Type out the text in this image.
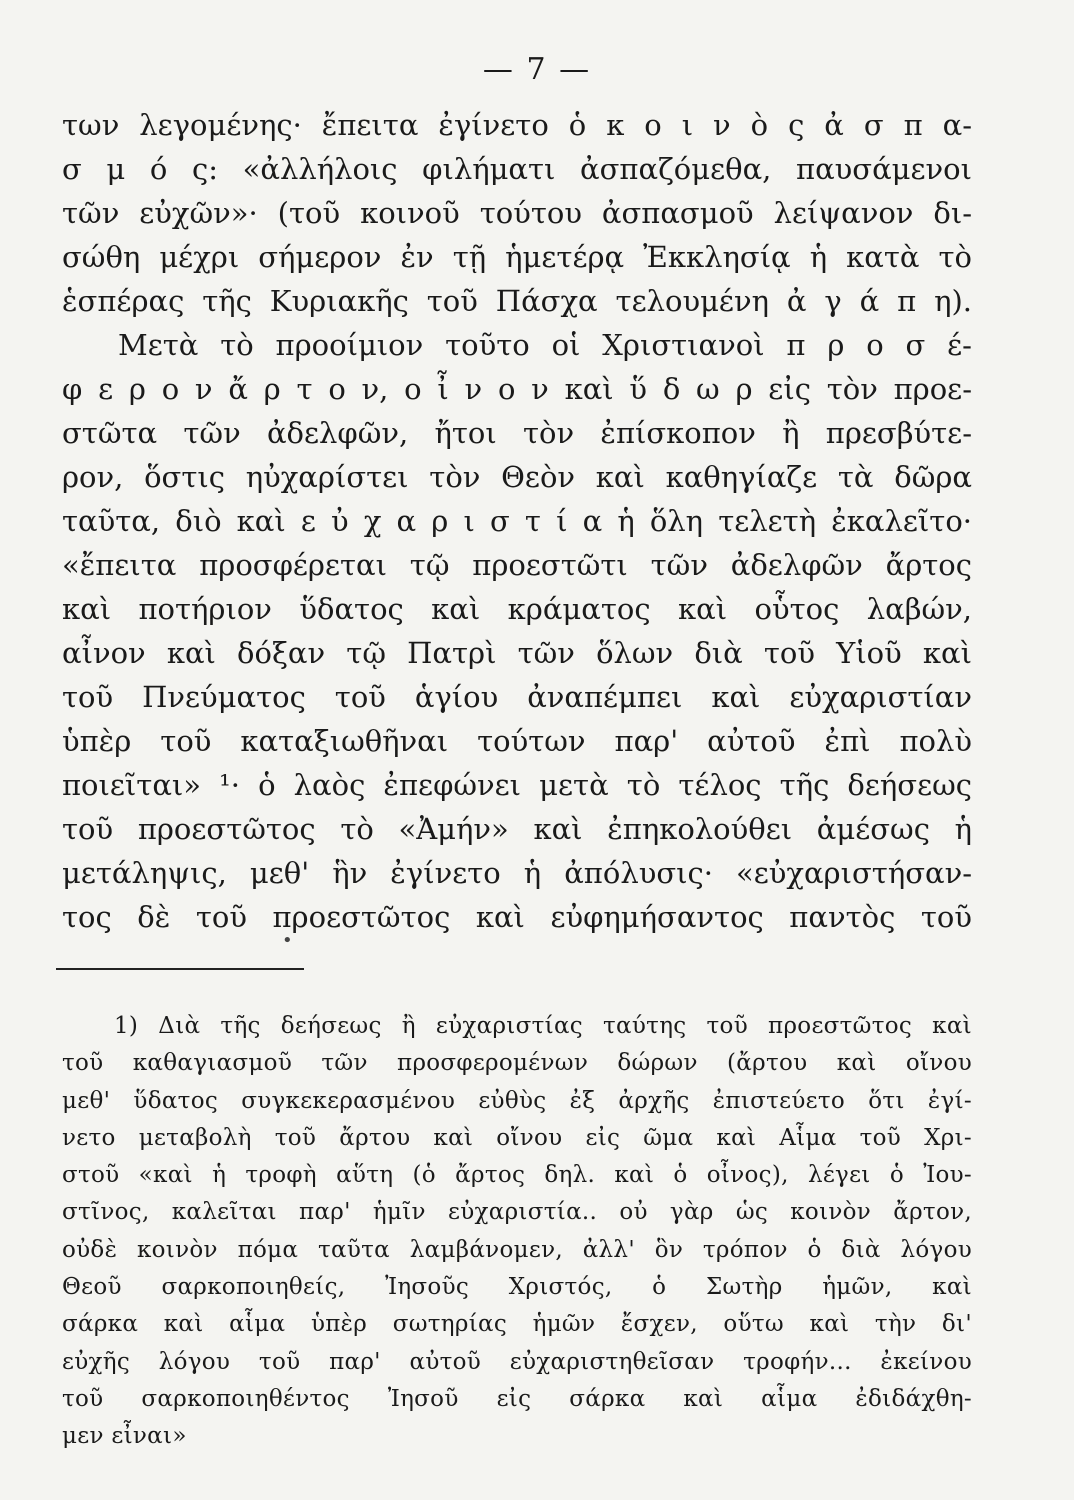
— 7 —
των λεγομένης· ἔπειτα ἐγίνετο ὁ κ ο ι ν ὸ ς ἀ σ π α-
σ μ ό ς: «ἀλλήλοις φιλήματι ἀσπαζόμεθα, παυσάμενοι
τῶν εὐχῶν»· (τοῦ κοινοῦ τούτου ἀσπασμοῦ λείψανον δι-
σώθη μέχρι σήμερον ἐν τῇ ἡμετέρᾳ Ἐκκλησίᾳ ἡ κατὰ τὸ
ἑσπέρας τῆς Κυριακῆς τοῦ Πάσχα τελουμένη ἀ γ ά π η).
Μετὰ τὸ προοίμιον τοῦτο οἱ Χριστιανοὶ π ρ ο σ έ-
φ ε ρ ο ν ἄ ρ τ ο ν, ο ἶ ν ο ν καὶ ὕ δ ω ρ εἰς τὸν προε-
στῶτα τῶν ἀδελφῶν, ἤτοι τὸν ἐπίσκοπον ἢ πρεσβύτε-
ρον, ὅστις ηὐχαρίστει τὸν Θεὸν καὶ καθηγίαζε τὰ δῶρα
ταῦτα, διὸ καὶ ε ὐ χ α ρ ι σ τ ί α ἡ ὅλη τελετὴ ἐκαλεῖτο·
«ἔπειτα προσφέρεται τῷ προεστῶτι τῶν ἀδελφῶν ἄρτος
καὶ ποτήριον ὕδατος καὶ κράματος καὶ οὗτος λαβών,
αἶνον καὶ δόξαν τῷ Πατρὶ τῶν ὅλων διὰ τοῦ Υἱοῦ καὶ
τοῦ Πνεύματος τοῦ ἁγίου ἀναπέμπει καὶ εὐχαριστίαν
ὑπὲρ τοῦ καταξιωθῆναι τούτων παρ' αὐτοῦ ἐπὶ πολὺ
ποιεῖται» ¹· ὁ λαὸς ἐπεφώνει μετὰ τὸ τέλος τῆς δεήσεως
τοῦ προεστῶτος τὸ «Ἀμήν» καὶ ἐπηκολούθει ἀμέσως ἡ
μετάληψις, μεθ' ἣν ἐγίνετο ἡ ἀπόλυσις· «εὐχαριστήσαν-
τος δὲ τοῦ προεστῶτος καὶ εὐφημήσαντος παντὸς τοῦ
•
1) Διὰ τῆς δεήσεως ἢ εὐχαριστίας ταύτης τοῦ προεστῶτος καὶ
τοῦ καθαγιασμοῦ τῶν προσφερομένων δώρων (ἄρτου καὶ οἴνου
μεθ' ὕδατος συγκεκερασμένου εὐθὺς ἐξ ἀρχῆς ἐπιστεύετο ὅτι ἐγί-
νετο μεταβολὴ τοῦ ἄρτου καὶ οἴνου εἰς ῶμα καὶ Αἷμα τοῦ Χρι-
στοῦ «καὶ ἡ τροφὴ αὕτη (ὁ ἄρτος δηλ. καὶ ὁ οἶνος), λέγει ὁ Ἰου-
στῖνος, καλεῖται παρ' ἡμῖν εὐχαριστία.. οὐ γὰρ ὡς κοινὸν ἄρτον,
οὐδὲ κοινὸν πόμα ταῦτα λαμβάνομεν, ἀλλ' ὃν τρόπον ὁ διὰ λόγου
Θεοῦ σαρκοποιηθείς, Ἰησοῦς Χριστός, ὁ Σωτὴρ ἡμῶν, καὶ
σάρκα καὶ αἷμα ὑπὲρ σωτηρίας ἡμῶν ἔσχεν, οὕτω καὶ τὴν δι'
εὐχῆς λόγου τοῦ παρ' αὐτοῦ εὐχαριστηθεῖσαν τροφήν... ἐκείνου
τοῦ σαρκοποιηθέντος Ἰησοῦ εἰς σάρκα καὶ αἷμα ἐδιδάχθη-
μεν εἶναι»
